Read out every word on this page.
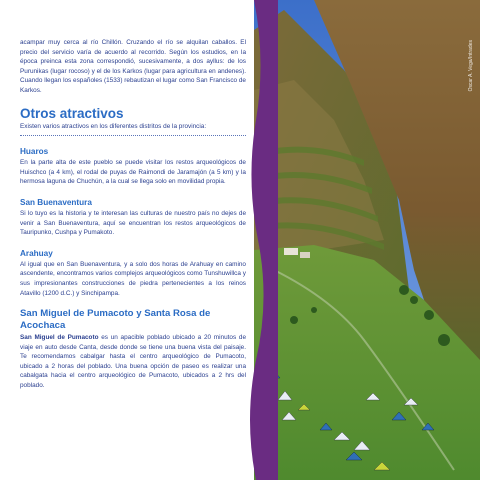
acampar muy cerca al río Chillón. Cruzando el río se alquilan caballos. El precio del servicio varía de acuerdo al recorrido. Según los estudios, en la época preinca esta zona correspondió, sucesivamente, a dos ayllus: de los Purunikas (lugar rocoso) y el de los Karkos (lugar para agricultura en andenes). Cuando llegan los españoles (1533) rebautizan el lugar como San Francisco de Karkos.

Otros atractivos

Existen varios atractivos en los diferentes distritos de la provincia:

Huaros

En la parte alta de este pueblo se puede visitar los restos arqueológicos de Huischco (a 4 km), el rodal de puyas de Raimondi de Jaramajón (a 5 km) y la hermosa laguna de Chuchún, a la cual se llega solo en movilidad propia.

San Buenaventura

Si lo tuyo es la historia y te interesan las culturas de nuestro país no dejes de venir a San Buenaventura, aquí se encuentran los restos arqueológicos de Tauripunko, Cushpa y Pumakoto.

Arahuay

Al igual que en San Buenaventura, y a solo dos horas de Arahuay en camino ascendente, encontramos varios complejos arqueológicos como Tunshuwillca y sus impresionantes construcciones de piedra pertenecientes a los reinos Atavillo (1200 d.C.) y Sinchipampa.

San Miguel de Pumacoto y Santa Rosa de Acochaca

San Miguel de Pumacoto es un apacible poblado ubicado a 20 minutos de viaje en auto desde Canta, desde donde se tiene una buena vista del paisaje. Te recomendamos cabalgar hasta el centro arqueológico de Pumacoto, ubicado a 2 horas del poblado. Una buena opción de paseo es realizar una cabalgata hacia el centro arqueológico de Pumacoto, ubicados a 2 hrs del poblado.

Oscar A. Vega/Intrades
